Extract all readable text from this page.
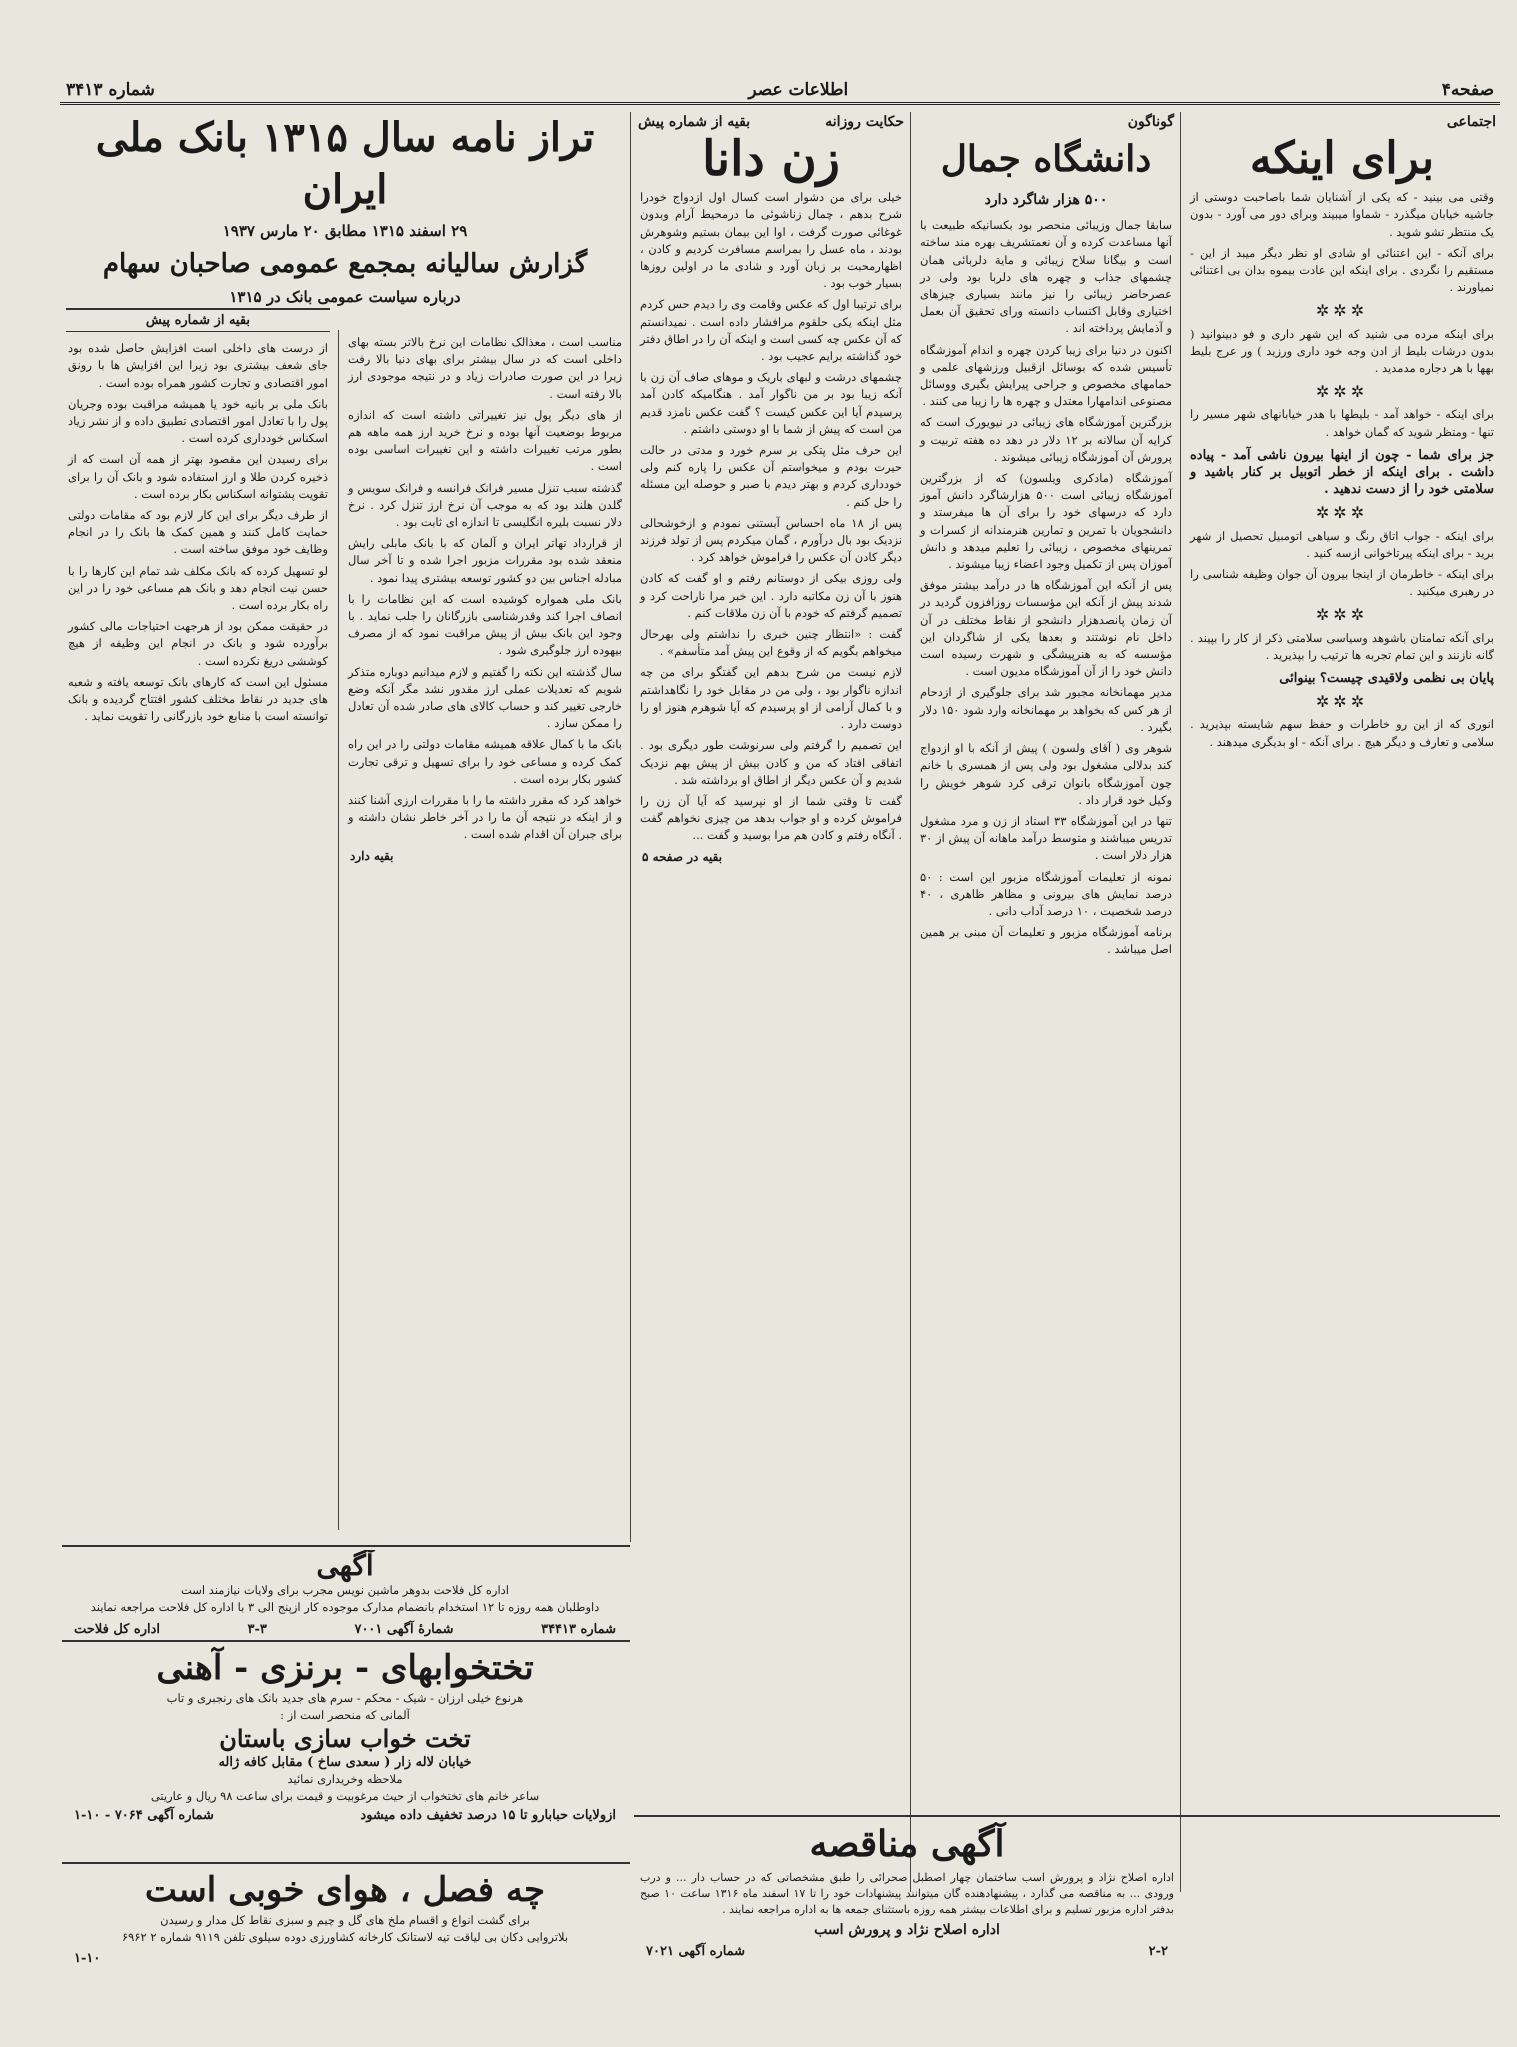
صفحه۴
اطلاعات عصر
شماره ۳۴۱۳
اجتماعی
برای اینکه
وقتی می بینید - که یکی از آشنایان شما باصاحبت دوستی از جاشیه خیابان میگذرد - شماوا میبیند وبرای دور می آورد - بدون یک منتظر تشو شوید .
برای آنکه - این اعتنائی او شادی او نظر دیگر میبد از این - مستقیم را نگردی . برای اینکه این عادت بیموه بدان بی اعتنائی نمیاورند .
✲✲✲
برای اینکه مرده می شنید که این شهر داری و فو دبینوانید ( بدون درشات بلیط از ادن وجه خود داری ورزید ) ور عرج بلیط بهها با هر دجاره مدمدید .
✲✲✲
برای اینکه - خواهد آمد - بلیطها با هدر خیابانهای شهر مسیر را تنها - ومتظر شوید که گمان خواهد .
جز برای شما - چون از اینها بیرون ناشی آمد - پیاده داشت . برای اینکه از خطر اتوبیل بر کنار باشید و سلامتی خود را از دست ندهید .
✲✲✲
برای اینکه - جواب اتاق رنگ و سیاهی اتومبیل تحصیل از شهر برید - برای اینکه پیرتاخوانی ازسه کنید .
برای اینکه - خاطرمان از اینجا بیرون آن جوان وظیفه شناسی را در رهبری میکنید .
✲✲✲
برای آنکه تمامتان باشوهد وسیاسی سلامتی ذکر از کار را بپیند . گانه نازنند و این تمام تجربه ها ترتیب را بپذیرید .
پایان بی نظمی ولاقیدی چیست؟ بینوائی
✲✲✲
انوری که از این رو خاطرات و حفظ سهم شایسته بپذیرید . سلامی و تعارف و دیگر هیچ . برای آنکه - او بدیگری میدهند .
گوناگون
دانشگاه جمال
۵۰۰ هزار شاگرد دارد
سابقا جمال وزیبائی منحصر بود بکسانیکه طبیعت با آنها مساعدت کرده و آن نعمتشریف بهره مند ساخته است و بیگانا سلاح زیبائی و مایة دلربائی همان چشمهای جذاب و چهره های دلربا بود ولی در عصرحاضر زیبائی را نیز مانند بسیاری چیزهای اختیاری وقابل اکتساب دانسته ورای تحقیق آن بعمل و آذمایش پرداخته اند .
اکنون در دنیا برای زیبا کردن چهره و اندام آموزشگاه تأسیس شده که بوسائل ازقبیل ورزشهای علمی و حمامهای مخصوص و جراحی پیرایش بگیری ووسائل مصنوعی اندامهارا معتدل و چهره ها را زیبا می کنند .
بزرگترین آموزشگاه های زیبائی در نیویورک است که کرایه آن سالانه بر ۱۲ دلار در دهد ده هفته تربیت و پرورش آن آموزشگاه زیبائی میشوند .
آموزشگاه (مادکری ویلسون) که از بزرگترین آموزشگاه زیبائی است ۵۰۰ هزارشاگرد دانش آموز دارد که درسهای خود را برای آن ها میفرستد و دانشجویان با تمرین و تمارین هنرمندانه از کسرات و تمرینهای مخصوص ، زیبائی را تعلیم میدهد و دانش آموزان پس از تکمیل وجود اعضاء زیبا میشوند .
پس از آنکه این آموزشگاه ها در درآمد بیشتر موفق شدند پیش از آنکه این مؤسسات روزافزون گردید در آن زمان پانصدهزار دانشجو از نقاط مختلف در آن داخل نام نوشتند و بعدها یکی از شاگردان این مؤسسه که به هنرپیشگی و شهرت رسیده است دانش خود را از آن آموزشگاه مدیون است .
مدیر مهمانخانه مجبور شد برای جلوگیری از ازدحام از هر کس که بخواهد بر مهمانخانه وارد شود ۱۵۰ دلار بگیرد .
شوهر وی ( آقای ولسون ) پیش از آنکه با او ازدواج کند بدلالی مشغول بود ولی پس از همسری با خانم چون آموزشگاه بانوان ترقی کرد شوهر خویش را وکیل خود قرار داد .
تنها در این آموزشگاه ۳۳ استاد از زن و مرد مشغول تدریس میباشند و متوسط درآمد ماهانه آن پیش از ۳۰ هزار دلار است .
نمونه از تعلیمات آموزشگاه مزبور این است : ۵۰ درصد نمایش های بیرونی و مظاهر ظاهری ، ۴۰ درصد شخصیت ، ۱۰ درصد آداب دانی .
برنامه آموزشگاه مزبور و تعلیمات آن مبنی بر همین اصل میباشد .
حکایت روزانه
بقیه از شماره پیش
زن دانا
خیلی برای من دشوار است کسال اول ازدواج خودرا شرح بدهم ، چمال زناشوئی ما درمحیط آرام وبدون غوغائی صورت گرفت ، اوا این بیمان بستیم وشوهرش بودند ، ماه عسل را بمراسم مسافرت کردیم و کادن ، اظهارمحبت بر زبان آورد و شادی ما در اولین روزها بسیار خوب بود .
برای ترتیبا اول که عکس وقامت وی را دیدم حس کردم مثل اینکه یکی حلقوم مرافشار داده است . نمیدانستم که آن عکس چه کسی است و اینکه آن را در اطاق دفتر خود گذاشته برایم عجیب بود .
چشمهای درشت و لبهای باریک و موهای صاف آن زن با آنکه زیبا بود بر من ناگوار آمد . هنگامیکه کادن آمد پرسیدم آیا این عکس کیست ؟ گفت عکس نامزد قدیم من است که پیش از شما با او دوستی داشتم .
این حرف مثل پتکی بر سرم خورد و مدتی در حالت حیرت بودم و میخواستم آن عکس را پاره کنم ولی خودداری کردم و بهتر دیدم با صبر و حوصله این مسئله را حل کنم .
پس از ۱۸ ماه احساس آبستنی نمودم و ازخوشحالی نزدیک بود بال درآورم ، گمان میکردم پس از تولد فرزند دیگر کادن آن عکس را فراموش خواهد کرد .
ولی روزی بیکی از دوستانم رفتم و او گفت که کادن هنوز با آن زن مکاتبه دارد . این خبر مرا ناراحت کرد و تصمیم گرفتم که خودم با آن زن ملاقات کنم .
گفت : «انتظار چنین خبری را نداشتم ولی بهرحال میخواهم بگویم که از وقوع این پیش آمد متأسفم» .
لازم نیست من شرح بدهم این گفتگو برای من چه اندازه ناگوار بود ، ولی من در مقابل خود را نگاهداشتم و با کمال آرامی از او پرسیدم که آیا شوهرم هنوز او را دوست دارد .
این تصمیم را گرفتم ولی سرنوشت طور دیگری بود . اتفاقی افتاد که من و کادن بیش از پیش بهم نزدیک شدیم و آن عکس دیگر از اطاق او برداشته شد .
گفت تا وقتی شما از او نپرسید که آیا آن زن را فراموش کرده و او جواب بدهد من چیزی نخواهم گفت . آنگاه رفتم و کادن هم مرا بوسید و گفت ...
بقیه در صفحه ۵
تراز نامه سال ۱۳۱۵ بانک ملی ایران
۲۹ اسفند ۱۳۱۵ مطابق ۲۰ مارس ۱۹۳۷
گزارش سالیانه بمجمع عمومی صاحبان سهام
درباره سیاست عمومی بانک در ۱۳۱۵
مناسب است ، معذالک نظامات این نرخ بالاتر بسته بهای داخلی است که در سال بیشتر برای بهای دنیا بالا رفت زیرا در این صورت صادرات زیاد و در نتیجه موجودی ارز بالا رفته است .
از های دیگر پول نیز تغییراتی داشته است که اندازه مربوط بوضعیت آنها بوده و نرخ خرید ارز همه ماهه هم بطور مرتب تغییرات داشته و این تغییرات اساسی بوده است .
گذشته سبب تنزل مسیر فرانک فرانسه و فرانک سویس و گلدن هلند بود که به موجب آن نرخ ارز تنزل کرد . نرخ دلار نسبت بلیره انگلیسی تا اندازه ای ثابت بود .
از قرارداد تهاتر ایران و آلمان که با بانک مابلی رایش منعقد شده بود مقررات مزبور اجرا شده و تا آخر سال مبادله اجناس بین دو کشور توسعه بیشتری پیدا نمود .
بانک ملی همواره کوشیده است که این نظامات را با انصاف اجرا کند وقدرشناسی بازرگانان را جلب نماید . با وجود این بانک بیش از پیش مراقبت نمود که از مصرف بیهوده ارز جلوگیری شود .
سال گذشته این نکته را گفتیم و لازم میدانیم دوباره متذکر شویم که تعدیلات عملی ارز مقدور نشد مگر آنکه وضع خارجی تغییر کند و حساب کالای های صادر شده آن تعادل را ممکن سازد .
بانک ما با کمال علاقه همیشه مقامات دولتی را در این راه کمک کرده و مساعی خود را برای تسهیل و ترقی تجارت کشور بکار برده است .
خواهد کرد که مقرر داشته ما را با مقررات ارزی آشنا کنند و از اینکه در نتیجه آن ما را در آخر خاطر نشان داشته و برای جبران آن اقدام شده است .
بقیه دارد
بقیه از شماره پیش
از درست های داخلی است افزایش حاصل شده بود جای شعف بیشتری بود زیرا این افزایش ها با رونق امور اقتصادی و تجارت کشور همراه بوده است .
بانک ملی بر بانیه خود یا همیشه مراقبت بوده وجریان پول را با تعادل امور اقتصادی تطبیق داده و از نشر زیاد اسکناس خودداری کرده است .
برای رسیدن این مقصود بهتر از همه آن است که از ذخیره کردن طلا و ارز استفاده شود و بانک آن را برای تقویت پشتوانه اسکناس بکار برده است .
از طرف دیگر برای این کار لازم بود که مقامات دولتی حمایت کامل کنند و همین کمک ها بانک را در انجام وظایف خود موفق ساخته است .
لو تسهیل کرده که بانک مکلف شد تمام این کارها را با حسن نیت انجام دهد و بانک هم مساعی خود را در این راه بکار برده است .
در حقیقت ممکن بود از هرجهت احتیاجات مالی کشور برآورده شود و بانک در انجام این وظیفه از هیچ کوششی دریغ نکرده است .
مسئول این است که کارهای بانک توسعه یافته و شعبه های جدید در نقاط مختلف کشور افتتاح گردیده و بانک توانسته است با منابع خود بازرگانی را تقویت نماید .
آگهی
اداره کل فلاحت بدوهر ماشین نویس مجرب برای ولایات نیازمند است
داوطلبان همه روزه تا ۱۲ استخدام بانضمام مدارک موجوده کار ازپنج الی ۳ با اداره کل فلاحت مراجعه نمایند
شماره ۳۴۴۱۳
شمارهٔ آگهی ۷۰۰۱
۳-۳
اداره کل فلاحت
تختخوابهای - برنزی - آهنی
هرنوع خیلی ارزان - شیک - محکم - سرم های جدید بانک های رنجبری و تاب
آلمانی که منحصر است از :
تخت خواب سازی باستان
خیابان لاله زار ( سعدی ساخ ) مقابل کافه ژاله
ملاحظه وخریداری نمائید
ساعر خانم های تختخواب از حیث مرغوبیت و قیمت برای ساعت ۹۸ ریال و عاریتی
ازولایات حبابارو تا ۱۵ درصد تخفیف داده میشود
شماره آگهی ۷۰۶۴ - ۱۰-۱
چه فصل ، هوای خوبی است
برای گشت انواع و اقسام ملخ های گل و چیم و سبزی نقاط کل مدار و رسیدن
بلاتروایی دکان بی لیاقت تیه لاستانک کارخانه کشاورزی دوده سیلوی تلفن ۹۱۱۹ شماره ۲ ۶۹۶۲
۱-۱۰
آگهی مناقصه
اداره اصلاح نژاد و پرورش اسب ساختمان چهار اصطبل صحرائی را طبق مشخصاتی که در حساب دار ... و درب ورودی ... به مناقصه می گذارد ، پیشنهادهنده گان میتوانند پیشنهادات خود را تا ۱۷ اسفند ماه ۱۳۱۶ ساعت ۱۰ صبح بدفتر اداره مزبور تسلیم و برای اطلاعات بیشتر همه روزه باستثنای جمعه ها به اداره مراجعه نمایند .
اداره اصلاح نژاد و پرورش اسب
۲-۲
شماره آگهی ۷۰۲۱
